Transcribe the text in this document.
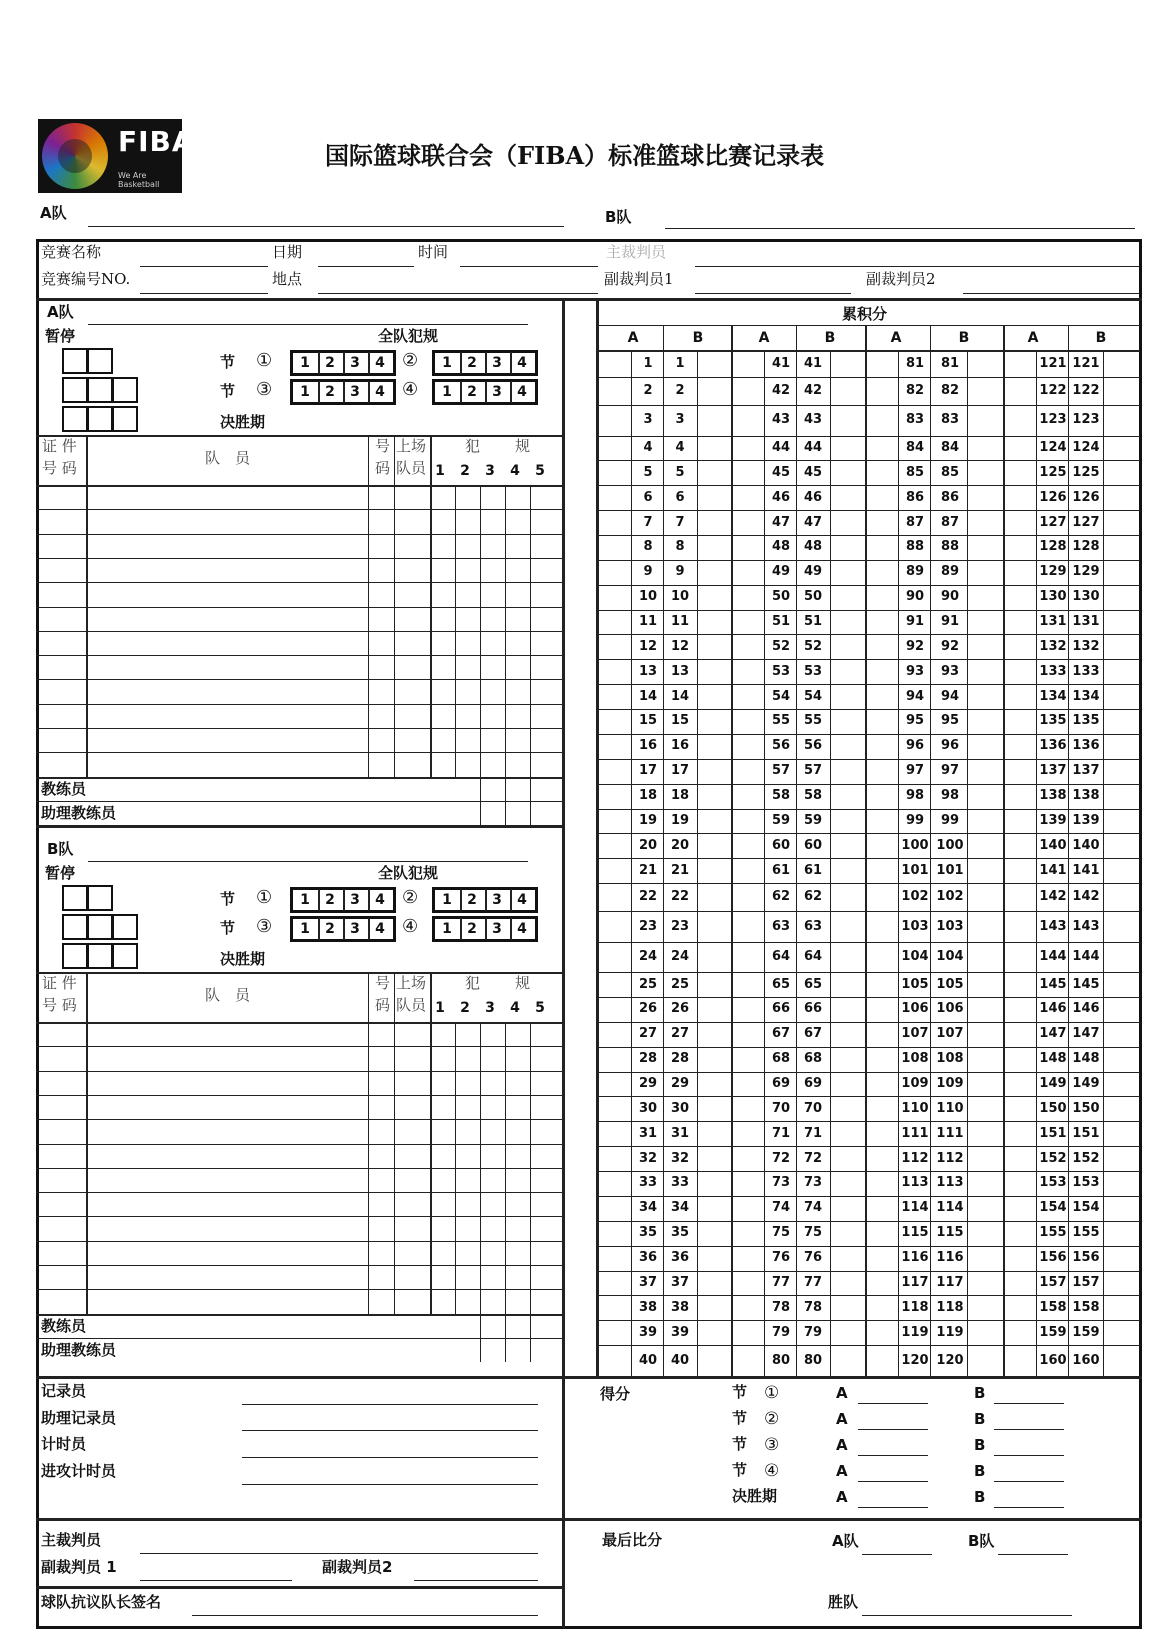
FIBA
We Are Basketball
国际篮球联合会（FIBA）标准篮球比赛记录表
A队	B队
竞赛名称	日期	时间	主裁判员
竞赛编号NO.	地点	副裁判员1	副裁判员2
A队
暂停	全队犯规
节 ①	②
1	2	3	4	1	2	3	4
节 ③	④
1	2	3	4	1	2	3	4
决胜期
证 件
号 码
队　员
号
码
上场
队员
犯 规
1 2 3 4 5
教练员
助理教练员
B队
暂停	全队犯规
节 ①	②
1	2	3	4	1	2	3	4
节 ③	④
1	2	3	4	1	2	3	4
决胜期
证 件
号 码
队　员
号
码
上场
队员
犯 规
1 2 3 4 5
教练员
助理教练员
累积分
A	B	A	B	A	B	A	B
1	1	41	41	81	81	121 121
2	2	42	42	82	82	122 122
3	3	43	43	83	83	123 123
4	4	44	44	84	84	124 124
5	5	45	45	85	85	125 125
6	6	46	46	86	86	126 126
7	7	47	47	87	87	127 127
8	8	48	48	88	88	128 128
9	9	49	49	89	89	129 129
10	10	50	50	90	90	130 130
11	11	51	51	91	91	131 131
12	12	52	52	92	92	132 132
13	13	53	53	93	93	133 133
14	14	54	54	94	94	134 134
15	15	55	55	95	95	135 135
16	16	56	56	96	96	136 136
17	17	57	57	97	97	137 137
18	18	58	58	98	98	138 138
19	19	59	59	99	99	139 139
20	20	60	60	100 100	140 140
21	21	61	61	101 101	141 141
22	22	62	62	102 102	142 142
23	23	63	63	103 103	143 143
24	24	64	64	104 104	144 144
25	25	65	65	105 105	145 145
26	26	66	66	106 106	146 146
27	27	67	67	107 107	147 147
28	28	68	68	108 108	148 148
29	29	69	69	109 109	149 149
30	30	70	70	110 110	150 150
31	31	71	71	111 111	151 151
32	32	72	72	112 112	152 152
33	33	73	73	113 113	153 153
34	34	74	74	114 114	154 154
35	35	75	75	115 115	155 155
36	36	76	76	116 116	156 156
37	37	77	77	117 117	157 157
38	38	78	78	118 118	158 158
39	39	79	79	119 119	159 159
40	40	80	80	120 120	160 160
记录员
助理记录员
计时员
进攻计时员
得分	节 ①	A	B
节 ②	A	B
节 ③	A	B
节 ④	A	B
决胜期	A	B
主裁判员
副裁判员 1	副裁判员2
球队抗议队长签名
最后比分	A队	B队
胜队
